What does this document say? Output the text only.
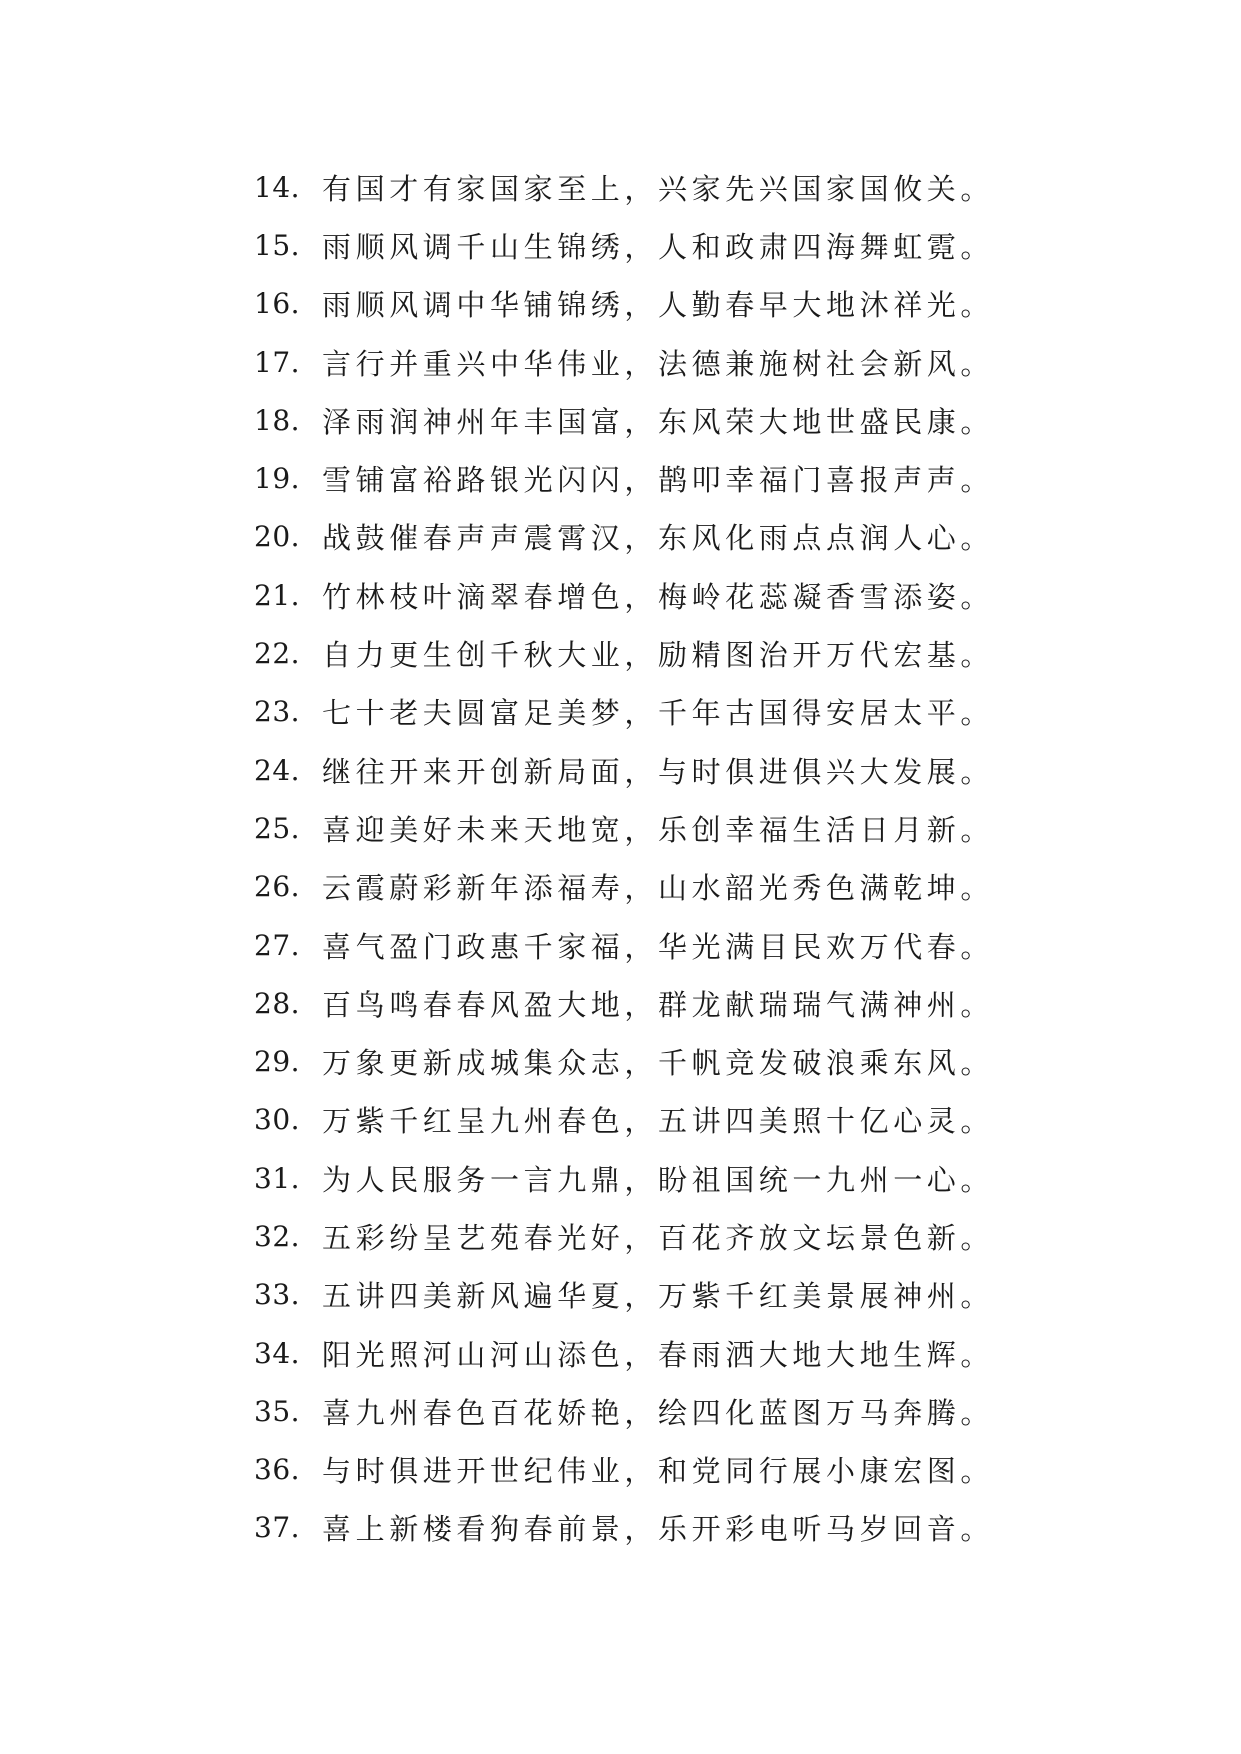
14. 有国才有家国家至上，兴家先兴国家国攸关。
15. 雨顺风调千山生锦绣，人和政肃四海舞虹霓。
16. 雨顺风调中华铺锦绣，人勤春早大地沐祥光。
17. 言行并重兴中华伟业，法德兼施树社会新风。
18. 泽雨润神州年丰国富，东风荣大地世盛民康。
19. 雪铺富裕路银光闪闪，鹊叩幸福门喜报声声。
20. 战鼓催春声声震霄汉，东风化雨点点润人心。
21. 竹林枝叶滴翠春增色，梅岭花蕊凝香雪添姿。
22. 自力更生创千秋大业，励精图治开万代宏基。
23. 七十老夫圆富足美梦，千年古国得安居太平。
24. 继往开来开创新局面，与时俱进俱兴大发展。
25. 喜迎美好未来天地宽，乐创幸福生活日月新。
26. 云霞蔚彩新年添福寿，山水韶光秀色满乾坤。
27. 喜气盈门政惠千家福，华光满目民欢万代春。
28. 百鸟鸣春春风盈大地，群龙献瑞瑞气满神州。
29. 万象更新成城集众志，千帆竞发破浪乘东风。
30. 万紫千红呈九州春色，五讲四美照十亿心灵。
31. 为人民服务一言九鼎，盼祖国统一九州一心。
32. 五彩纷呈艺苑春光好，百花齐放文坛景色新。
33. 五讲四美新风遍华夏，万紫千红美景展神州。
34. 阳光照河山河山添色，春雨洒大地大地生辉。
35. 喜九州春色百花娇艳，绘四化蓝图万马奔腾。
36. 与时俱进开世纪伟业，和党同行展小康宏图。
37. 喜上新楼看狗春前景，乐开彩电听马岁回音。
